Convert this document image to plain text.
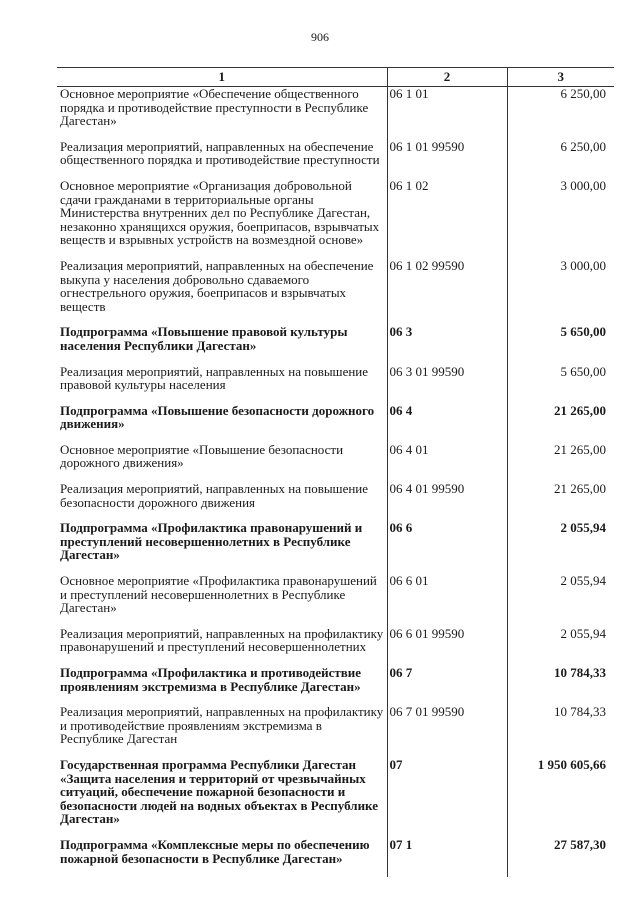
906
1	2	3
Основное мероприятие «Обеспечение общественного порядка и противодействие преступности в Республике Дагестан»	06 1 01	6 250,00
Реализация мероприятий, направленных на обеспечение общественного порядка и противодействие преступности	06 1 01 99590	6 250,00
Основное мероприятие «Организация добровольной сдачи гражданами в территориальные органы Министерства внутренних дел по Республике Дагестан, незаконно хранящихся оружия, боеприпасов, взрывчатых веществ и взрывных устройств на возмездной основе»	06 1 02	3 000,00
Реализация мероприятий, направленных на обеспечение выкупа у населения добровольно сдаваемого огнестрельного оружия, боеприпасов и взрывчатых веществ	06 1 02 99590	3 000,00
Подпрограмма «Повышение правовой культуры населения Республики Дагестан»	06 3	5 650,00
Реализация мероприятий, направленных на повышение правовой культуры населения	06 3 01 99590	5 650,00
Подпрограмма «Повышение безопасности дорожного движения»	06 4	21 265,00
Основное мероприятие «Повышение безопасности дорожного движения»	06 4 01	21 265,00
Реализация мероприятий, направленных на повышение безопасности дорожного движения	06 4 01 99590	21 265,00
Подпрограмма «Профилактика правонарушений и преступлений несовершеннолетних в Республике Дагестан»	06 6	2 055,94
Основное мероприятие «Профилактика правонарушений и преступлений несовершеннолетних в Республике Дагестан»	06 6 01	2 055,94
Реализация мероприятий, направленных на профилактику правонарушений и преступлений несовершеннолетних	06 6 01 99590	2 055,94
Подпрограмма «Профилактика и противодействие проявлениям экстремизма в Республике Дагестан»	06 7	10 784,33
Реализация мероприятий, направленных на профилактику и противодействие проявлениям экстремизма в Республике Дагестан	06 7 01 99590	10 784,33
Государственная программа Республики Дагестан «Защита населения и территорий от чрезвычайных ситуаций, обеспечение пожарной безопасности и безопасности людей на водных объектах в Республике Дагестан»	07	1 950 605,66
Подпрограмма «Комплексные меры по обеспечению пожарной безопасности в Республике Дагестан»	07 1	27 587,30
